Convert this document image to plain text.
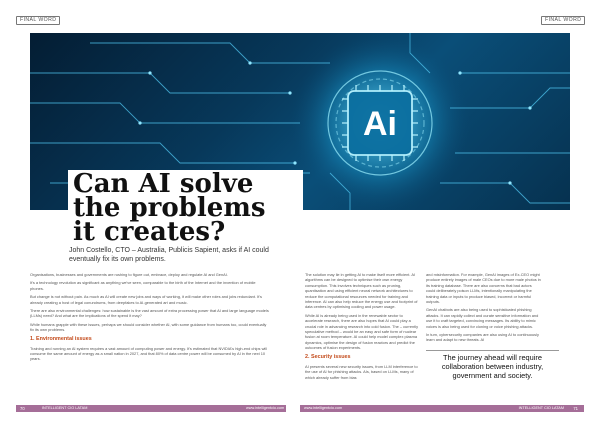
FINAL WORD	FINAL WORD
Ai
Can AI solve
the problems
it creates?
John Costello, CTO – Australia, Publicis Sapient, asks if AI could eventually fix its own problems.

Organisations, businesses and governments are rushing to figure out, embrace, deploy and regulate AI and GenAI.

It's a technology revolution as significant as anything we've seen, comparable to the birth of the Internet and the invention of mobile phones.

But change is not without pain. As much as AI will create new jobs and ways of working, it will make other roles and jobs redundant. It's already creating a host of legal conundrums, from deepfakes to AI-generated art and music.

There are also environmental challenges: how sustainable is the vast amount of extra processing power that AI and large language models (LLMs) need? And what are the implications of the spend it may?

While humans grapple with these issues, perhaps we should consider whether AI, with some guidance from humans too, could eventually fix its own problems.

1. Environmental issues

Training and running an AI system requires a vast amount of computing power and energy. It's estimated that NVIDIA's high-end chips will consume the same amount of energy as a small nation in 2027, and that 80% of data centre power will be consumed by AI in the next 10 years.

The solution may lie in getting AI to make itself more efficient. AI algorithms can be designed to optimise their own energy consumption. This involves techniques such as pruning, quantisation and using efficient neural network architectures to reduce the computational resources needed for training and inference. AI can also help reduce the energy use and footprint of data centres by optimising cooling and power usage.

While AI is already being used in the renewable sector to accelerate research, there are also hopes that AI could play a crucial role in advancing research into cold fusion. The – currently speculative method – would be an easy and safe form of nuclear fusion at room temperature. AI could help model complex plasma dynamics, optimise the design of fusion reactors and predict the outcomes of fusion experiments.

2. Security issues

AI presents several new security issues, from LLM interference to the use of AI for phishing attacks. AIs, based on LLMs, many of which already suffer from bias

and misinformation. For example, GenAI images of Ex-CEO might produce entirely images of male CEOs due to more male photos in its training database. There are also concerns that bad actors could deliberately poison LLMs, intentionally manipulating the training data or inputs to produce biased, incorrect or harmful outputs.

GenAI chatbots are also being used to sophisticated phishing attacks. It can rapidly collect and curate sensitive information and use it to craft targeted, convincing messages. Its ability to mimic voices is also being used for cloning or voice phishing attacks.

In turn, cybersecurity companies are also using AI to continuously learn and adapt to new threats. AI

The journey ahead will require collaboration between industry, government and society.
70	INTELLIGENT CIO LATAM	www.intelligentcio.com	www.intelligentcio.com	INTELLIGENT CIO LATAM 71
